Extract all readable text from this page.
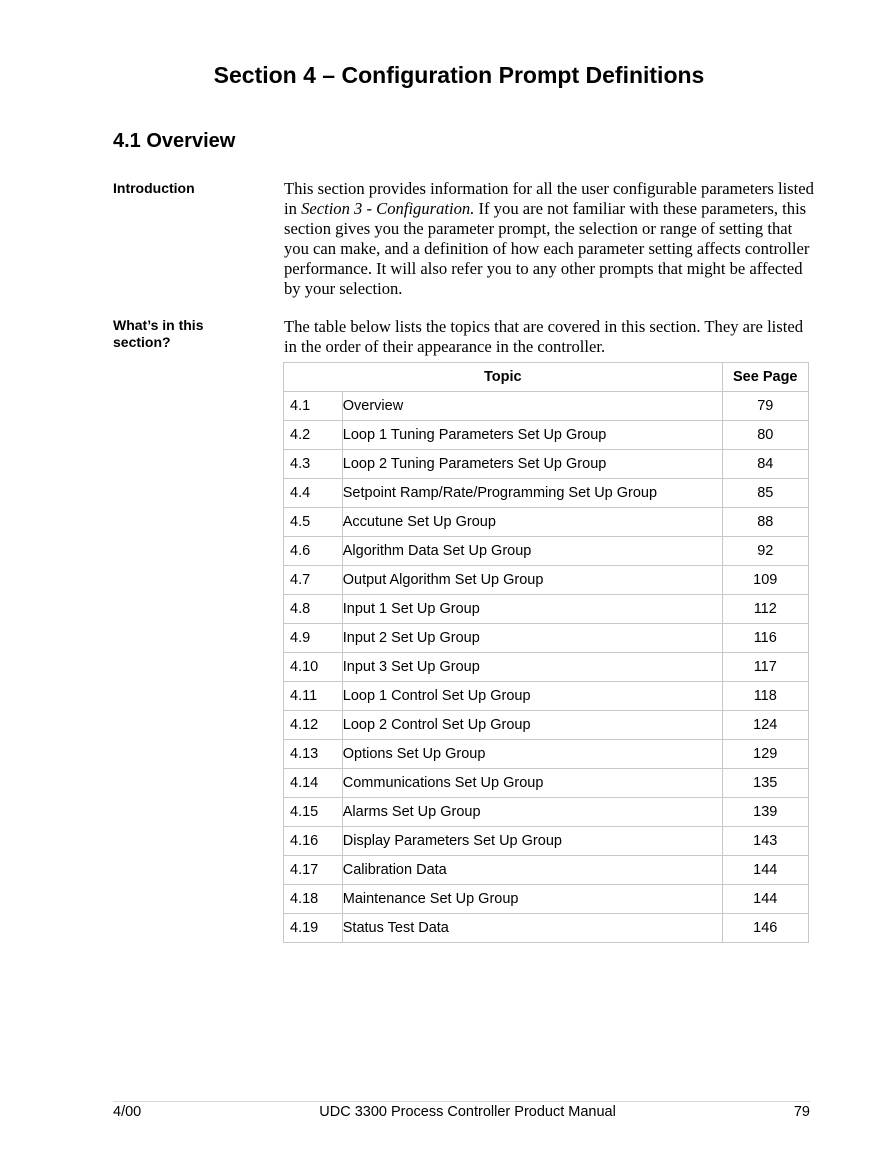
Section 4 – Configuration Prompt Definitions
4.1 Overview
Introduction	This section provides information for all the user configurable parameters listed in Section 3 - Configuration. If you are not familiar with these parameters, this section gives you the parameter prompt, the selection or range of setting that you can make, and a definition of how each parameter setting affects controller performance. It will also refer you to any other prompts that might be affected by your selection.
What’s in this section?
The table below lists the topics that are covered in this section. They are listed in the order of their appearance in the controller.
Topic		See Page
4.1	Overview	79
4.2	Loop 1 Tuning Parameters Set Up Group	80
4.3	Loop 2 Tuning Parameters Set Up Group	84
4.4	Setpoint Ramp/Rate/Programming Set Up Group	85
4.5	Accutune Set Up Group	88
4.6	Algorithm Data Set Up Group	92
4.7	Output Algorithm Set Up Group	109
4.8	Input 1 Set Up Group	112
4.9	Input 2 Set Up Group	116
4.10	Input 3 Set Up Group	117
4.11	Loop 1 Control Set Up Group	118
4.12	Loop 2 Control Set Up Group	124
4.13	Options Set Up Group	129
4.14	Communications Set Up Group	135
4.15	Alarms Set Up Group	139
4.16	Display Parameters Set Up Group	143
4.17	Calibration Data	144
4.18	Maintenance Set Up Group	144
4.19	Status Test Data	146
4/00	UDC 3300 Process Controller Product Manual	79
